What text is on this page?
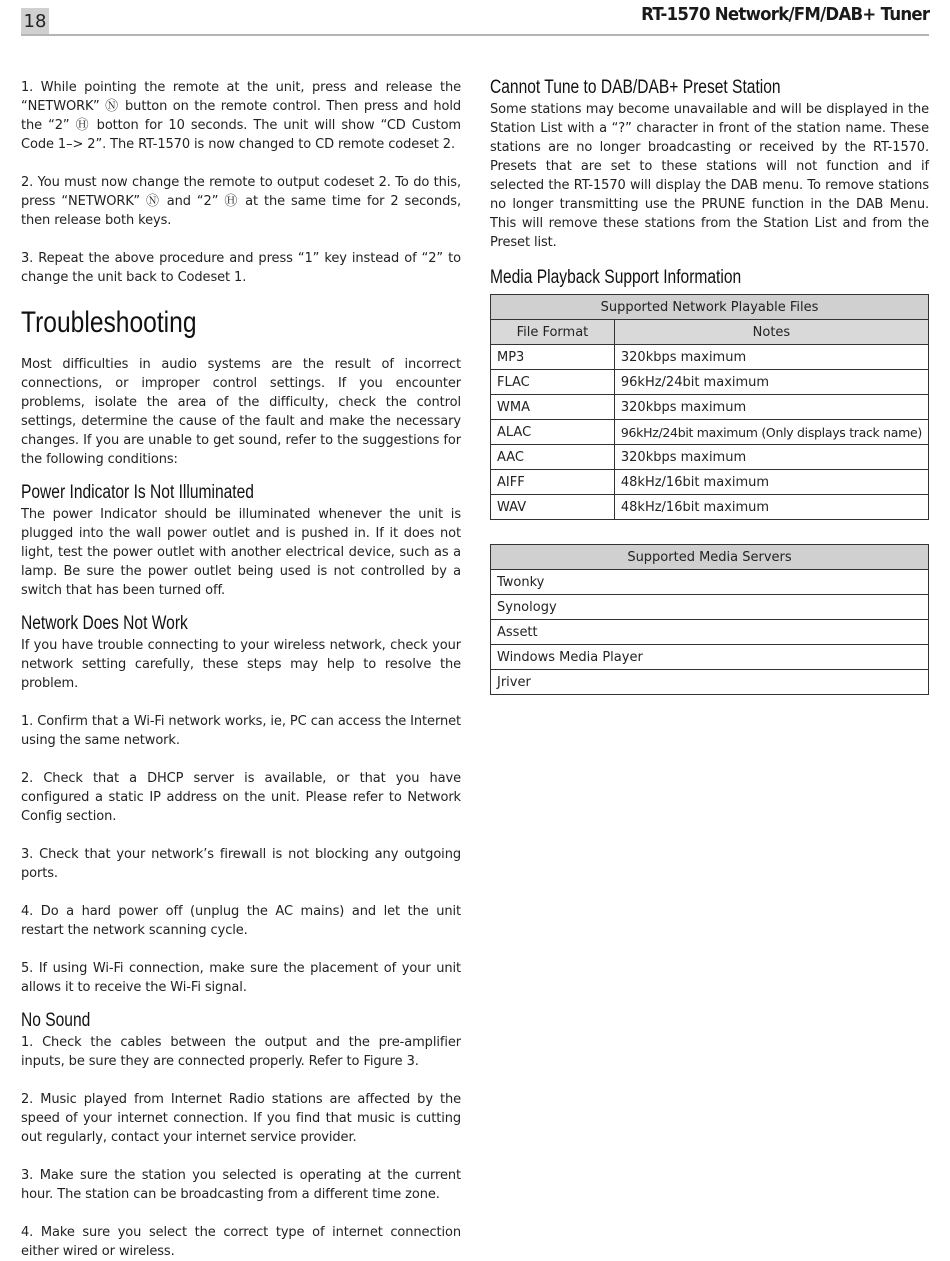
18	RT-1570 Network/FM/DAB+ Tuner

1. While pointing the remote at the unit, press and release the “NETWORK” Ⓝ button on the remote control. Then press and hold the “2” Ⓗ botton for 10 seconds. The unit will show “CD Custom Code 1–> 2”. The RT-1570 is now changed to CD remote codeset 2.

2. You must now change the remote to output codeset 2. To do this, press “NETWORK” Ⓝ and “2” Ⓗ at the same time for 2 seconds, then release both keys.

3. Repeat the above procedure and press “1” key instead of “2” to change the unit back to Codeset 1.

Troubleshooting

Most difficulties in audio systems are the result of incorrect connections, or improper control settings. If you encounter problems, isolate the area of the difficulty, check the control settings, determine the cause of the fault and make the necessary changes. If you are unable to get sound, refer to the suggestions for the following conditions:

Power Indicator Is Not Illuminated

The power Indicator should be illuminated whenever the unit is plugged into the wall power outlet and is pushed in. If it does not light, test the power outlet with another electrical device, such as a lamp. Be sure the power outlet being used is not controlled by a switch that has been turned off.

Network Does Not Work

If you have trouble connecting to your wireless network, check your network setting carefully, these steps may help to resolve the problem.

1. Confirm that a Wi-Fi network works, ie, PC can access the Internet using the same network.

2. Check that a DHCP server is available, or that you have configured a static IP address on the unit. Please refer to Network Config section.

3. Check that your network’s firewall is not blocking any outgoing ports.

4. Do a hard power off (unplug the AC mains) and let the unit restart the network scanning cycle.

5. If using Wi-Fi connection, make sure the placement of your unit allows it to receive the Wi-Fi signal.

No Sound

1. Check the cables between the output and the pre-amplifier inputs, be sure they are connected properly. Refer to Figure 3.

2. Music played from Internet Radio stations are affected by the speed of your internet connection. If you find that music is cutting out regularly, contact your internet service provider.

3. Make sure the station you selected is operating at the current hour. The station can be broadcasting from a different time zone.

4. Make sure you select the correct type of internet connection either wired or wireless.

Cannot Tune to DAB/DAB+ Preset Station

Some stations may become unavailable and will be displayed in the Station List with a “?” character in front of the station name. These stations are no longer broadcasting or received by the RT-1570. Presets that are set to these stations will not function and if selected the RT-1570 will display the DAB menu. To remove stations no longer transmitting use the PRUNE function in the DAB Menu. This will remove these stations from the Station List and from the Preset list.

Media Playback Support Information
Supported Network Playable Files	
File Format	Notes
MP3	320kbps maximum
FLAC	96kHz/24bit maximum
WMA	320kbps maximum
ALAC	96kHz/24bit maximum (Only displays track name)
AAC	320kbps maximum
AIFF	48kHz/16bit maximum
WAV	48kHz/16bit maximum
Supported Media Servers
Twonky
Synology
Assett
Windows Media Player
Jriver
